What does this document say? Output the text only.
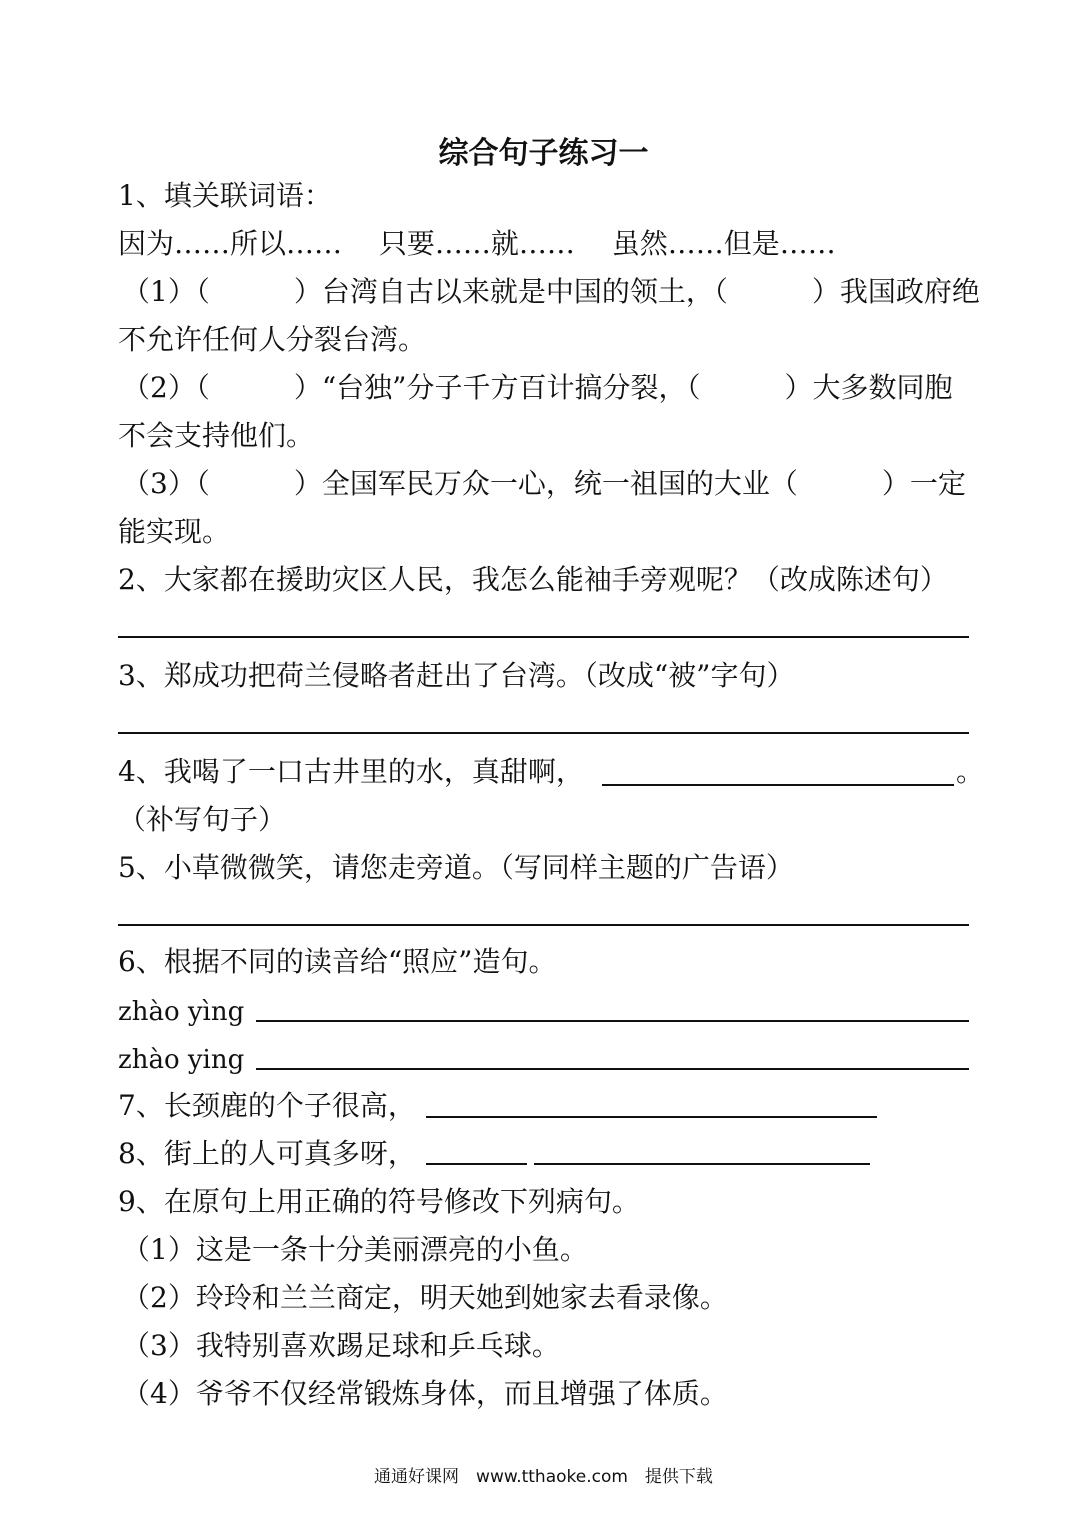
综合句子练习一
1、填关联词语：
因为……所以……　 只要……就……　 虽然……但是……
（1）（　　　）台湾自古以来就是中国的领土，（　　　）我国政府绝
不允许任何人分裂台湾。
（2）（　　　）“台独”分子千方百计搞分裂，（　　　）大多数同胞
不会支持他们。
（3）（　　　）全国军民万众一心，统一祖国的大业（　　　）一定
能实现。
2、大家都在援助灾区人民，我怎么能袖手旁观呢？（改成陈述句）
3、郑成功把荷兰侵略者赶出了台湾。（改成“被”字句）
4、我喝了一口古井里的水，真甜啊，	。
（补写句子）
5、小草微微笑，请您走旁道。（写同样主题的广告语）
6、根据不同的读音给“照应”造句。
zhào yìng
zhào ying
7、长颈鹿的个子很高，
8、街上的人可真多呀，
9、在原句上用正确的符号修改下列病句。
（1）这是一条十分美丽漂亮的小鱼。
（2）玲玲和兰兰商定，明天她到她家去看录像。
（3）我特别喜欢踢足球和乒乓球。
（4）爷爷不仅经常锻炼身体，而且增强了体质。
通通好课网　www.tthaoke.com　提供下载
